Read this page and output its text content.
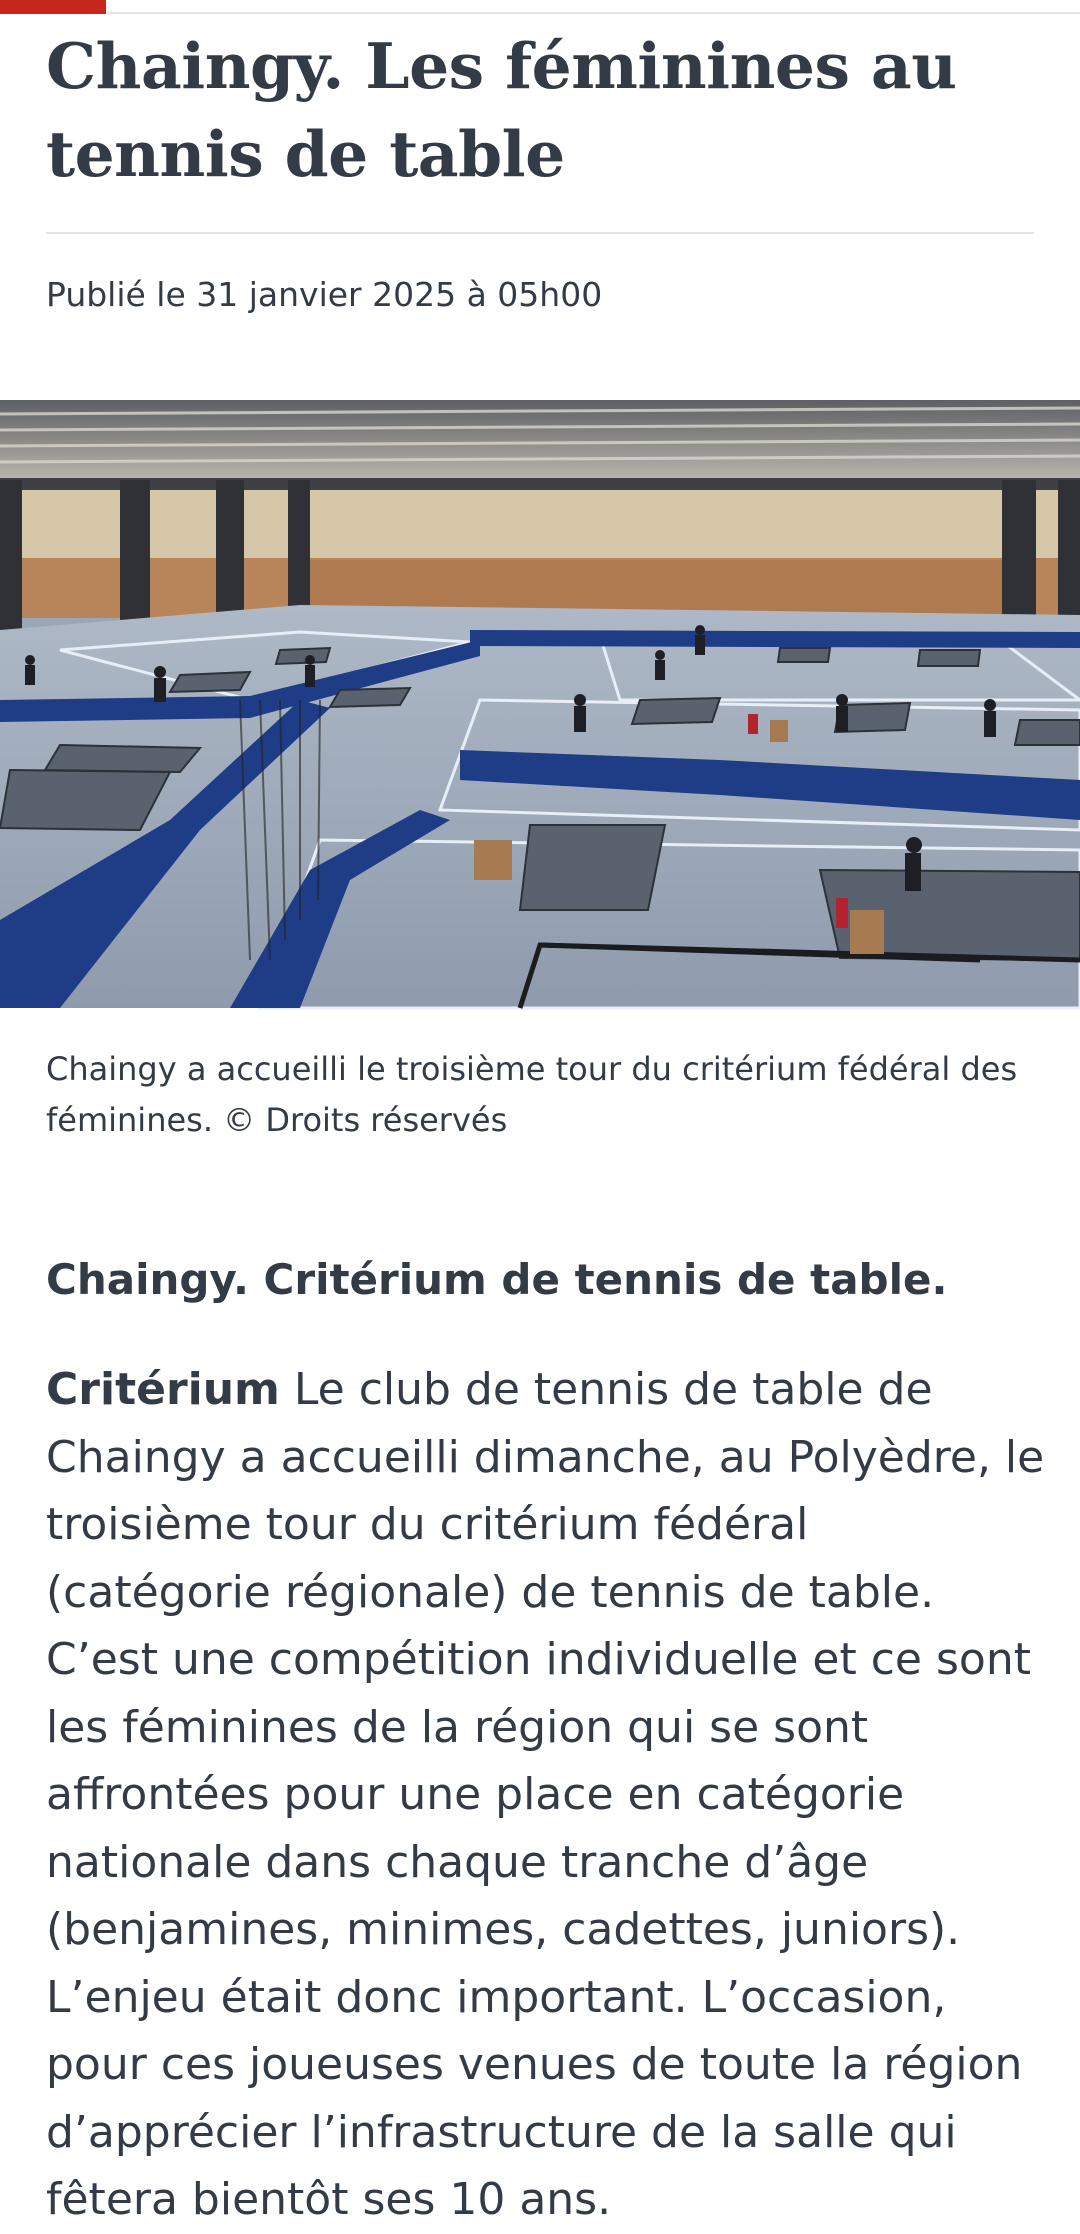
Chaingy. Les féminines au tennis de table

Publié le 31 janvier 2025 à 05h00

Chaingy a accueilli le troisième tour du critérium fédéral des féminines. © Droits réservés

Chaingy. Critérium de tennis de table.

Critérium Le club de tennis de table de Chaingy a accueilli dimanche, au Polyèdre, le troisième tour du critérium fédéral (catégorie régionale) de tennis de table. C’est une compétition individuelle et ce sont les féminines de la région qui se sont affrontées pour une place en catégorie nationale dans chaque tranche d’âge (benjamines, minimes, cadettes, juniors). L’enjeu était donc important. L’occasion, pour ces joueuses venues de toute la région d’apprécier l’infrastructure de la salle qui fêtera bientôt ses 10 ans.
